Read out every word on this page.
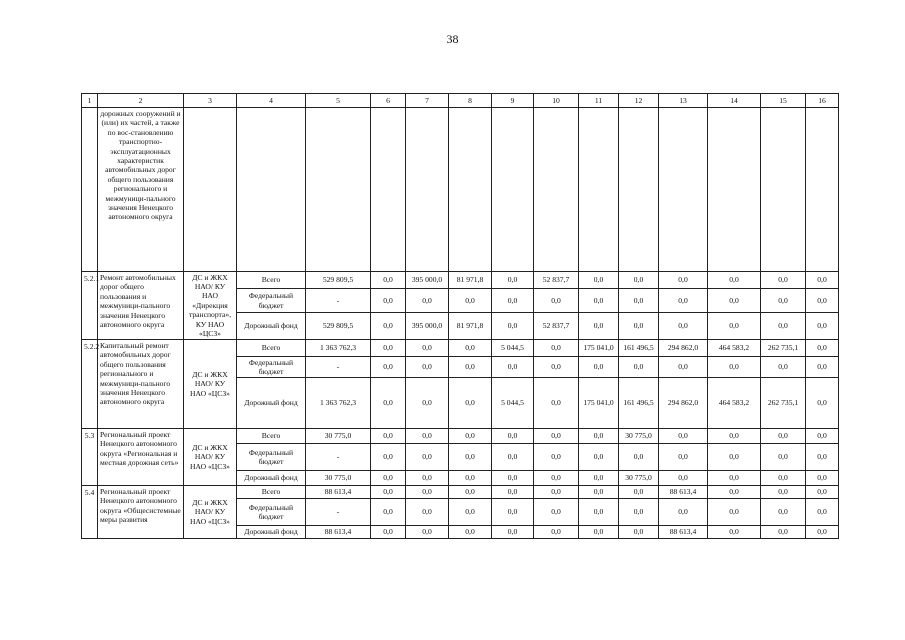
38
1	2	3	4	5	6	7	8	9	10	11	12	13	14	15	16
	дорожных сооружений и (или) их частей, а также по вос-становлению транспортно-эксплуатационных характеристик автомобильных дорог общего пользования регионального и межмуници-пального значения Ненецкого автономного округа														
5.2.1	Ремонт автомобильных дорог общего пользования и межмуници-пального значения Ненецкого автономного округа	ДС и ЖКХ НАО/ КУ НАО «Дирекция транспорта», КУ НАО «ЦСЗ»	Всего	529 809,5	0,0	395 000,0	81 971,8	0,0	52 837,7	0,0	0,0	0,0	0,0	0,0	0,0
			Федеральный бюджет	-	0,0	0,0	0,0	0,0	0,0	0,0	0,0	0,0	0,0	0,0	0,0
			Дорожный фонд	529 809,5	0,0	395 000,0	81 971,8	0,0	52 837,7	0,0	0,0	0,0	0,0	0,0	0,0
5.2.2	Капитальный ремонт автомобильных дорог общего пользования регионального и межмуници-пального значения Ненецкого автономного округа	ДС и ЖКХ НАО/ КУ НАО «ЦСЗ»	Всего	1 363 762,3	0,0	0,0	0,0	5 044,5	0,0	175 041,0	161 496,5	294 862,0	464 583,2	262 735,1	0,0
			Федеральный бюджет	-	0,0	0,0	0,0	0,0	0,0	0,0	0,0	0,0	0,0	0,0	0,0
			Дорожный фонд	1 363 762,3	0,0	0,0	0,0	5 044,5	0,0	175 041,0	161 496,5	294 862,0	464 583,2	262 735,1	0,0
5.3	Региональный проект Ненецкого автономного округа «Региональная и местная дорожная сеть»	ДС и ЖКХ НАО/ КУ НАО «ЦСЗ»	Всего	30 775,0	0,0	0,0	0,0	0,0	0,0	0,0	30 775,0	0,0	0,0	0,0	0,0
			Федеральный бюджет	-	0,0	0,0	0,0	0,0	0,0	0,0	0,0	0,0	0,0	0,0	0,0
			Дорожный фонд	30 775,0	0,0	0,0	0,0	0,0	0,0	0,0	30 775,0	0,0	0,0	0,0	0,0
5.4	Региональный проект Ненецкого автономного округа «Общесистемные меры развития	ДС и ЖКХ НАО/ КУ НАО «ЦСЗ»	Всего	88 613,4	0,0	0,0	0,0	0,0	0,0	0,0	0,0	88 613,4	0,0	0,0	0,0
			Федеральный бюджет	-	0,0	0,0	0,0	0,0	0,0	0,0	0,0	0,0	0,0	0,0	0,0
			Дорожный фонд	88 613,4	0,0	0,0	0,0	0,0	0,0	0,0	0,0	88 613,4	0,0	0,0	0,0
